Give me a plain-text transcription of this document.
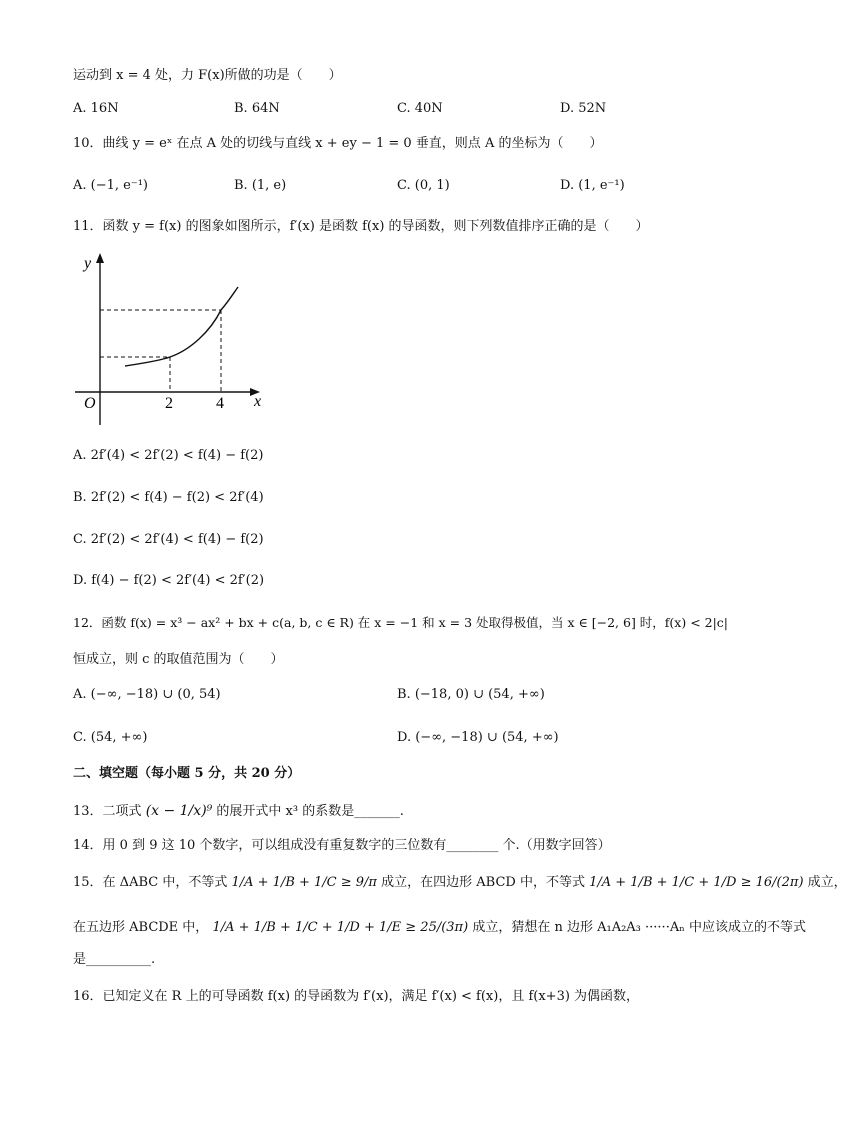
运动到 x = 4 处，力 F(x)所做的功是（　　）
A. 16N	B. 64N	C. 40N	D. 52N
10．曲线 y = eˣ 在点 A 处的切线与直线 x + ey − 1 = 0 垂直，则点 A 的坐标为（　　）
A. (−1, e⁻¹)	B. (1, e)	C. (0, 1)	D. (1, e⁻¹)
11．函数 y = f(x) 的图象如图所示，f′(x) 是函数 f(x) 的导函数，则下列数值排序正确的是（　　）
y
x
O	2	4
A. 2f′(4) < 2f′(2) < f(4) − f(2)
B. 2f′(2) < f(4) − f(2) < 2f′(4)
C. 2f′(2) < 2f′(4) < f(4) − f(2)
D. f(4) − f(2) < 2f′(4) < 2f′(2)
12．函数 f(x) = x³ − ax² + bx + c(a, b, c ∈ R) 在 x = −1 和 x = 3 处取得极值，当 x ∈ [−2, 6] 时，f(x) < 2|c|
恒成立，则 c 的取值范围为（　　）
A. (−∞, −18) ∪ (0, 54)	B. (−18, 0) ∪ (54, +∞)
C. (54, +∞)	D. (−∞, −18) ∪ (54, +∞)
二、填空题（每小题 5 分，共 20 分）
13．二项式 (x − 1/x)⁹ 的展开式中 x³ 的系数是_______.
14．用 0 到 9 这 10 个数字，可以组成没有重复数字的三位数有________ 个.（用数字回答）
15．在 ΔABC 中，不等式 1/A + 1/B + 1/C ≥ 9/π 成立，在四边形 ABCD 中，不等式 1/A + 1/B + 1/C + 1/D ≥ 16/(2π) 成立，
在五边形 ABCDE 中， 1/A + 1/B + 1/C + 1/D + 1/E ≥ 25/(3π) 成立，猜想在 n 边形 A₁A₂A₃ ······Aₙ 中应该成立的不等式
是__________.
16．已知定义在 R 上的可导函数 f(x) 的导函数为 f′(x)，满足 f′(x) < f(x)，且 f(x+3) 为偶函数，
